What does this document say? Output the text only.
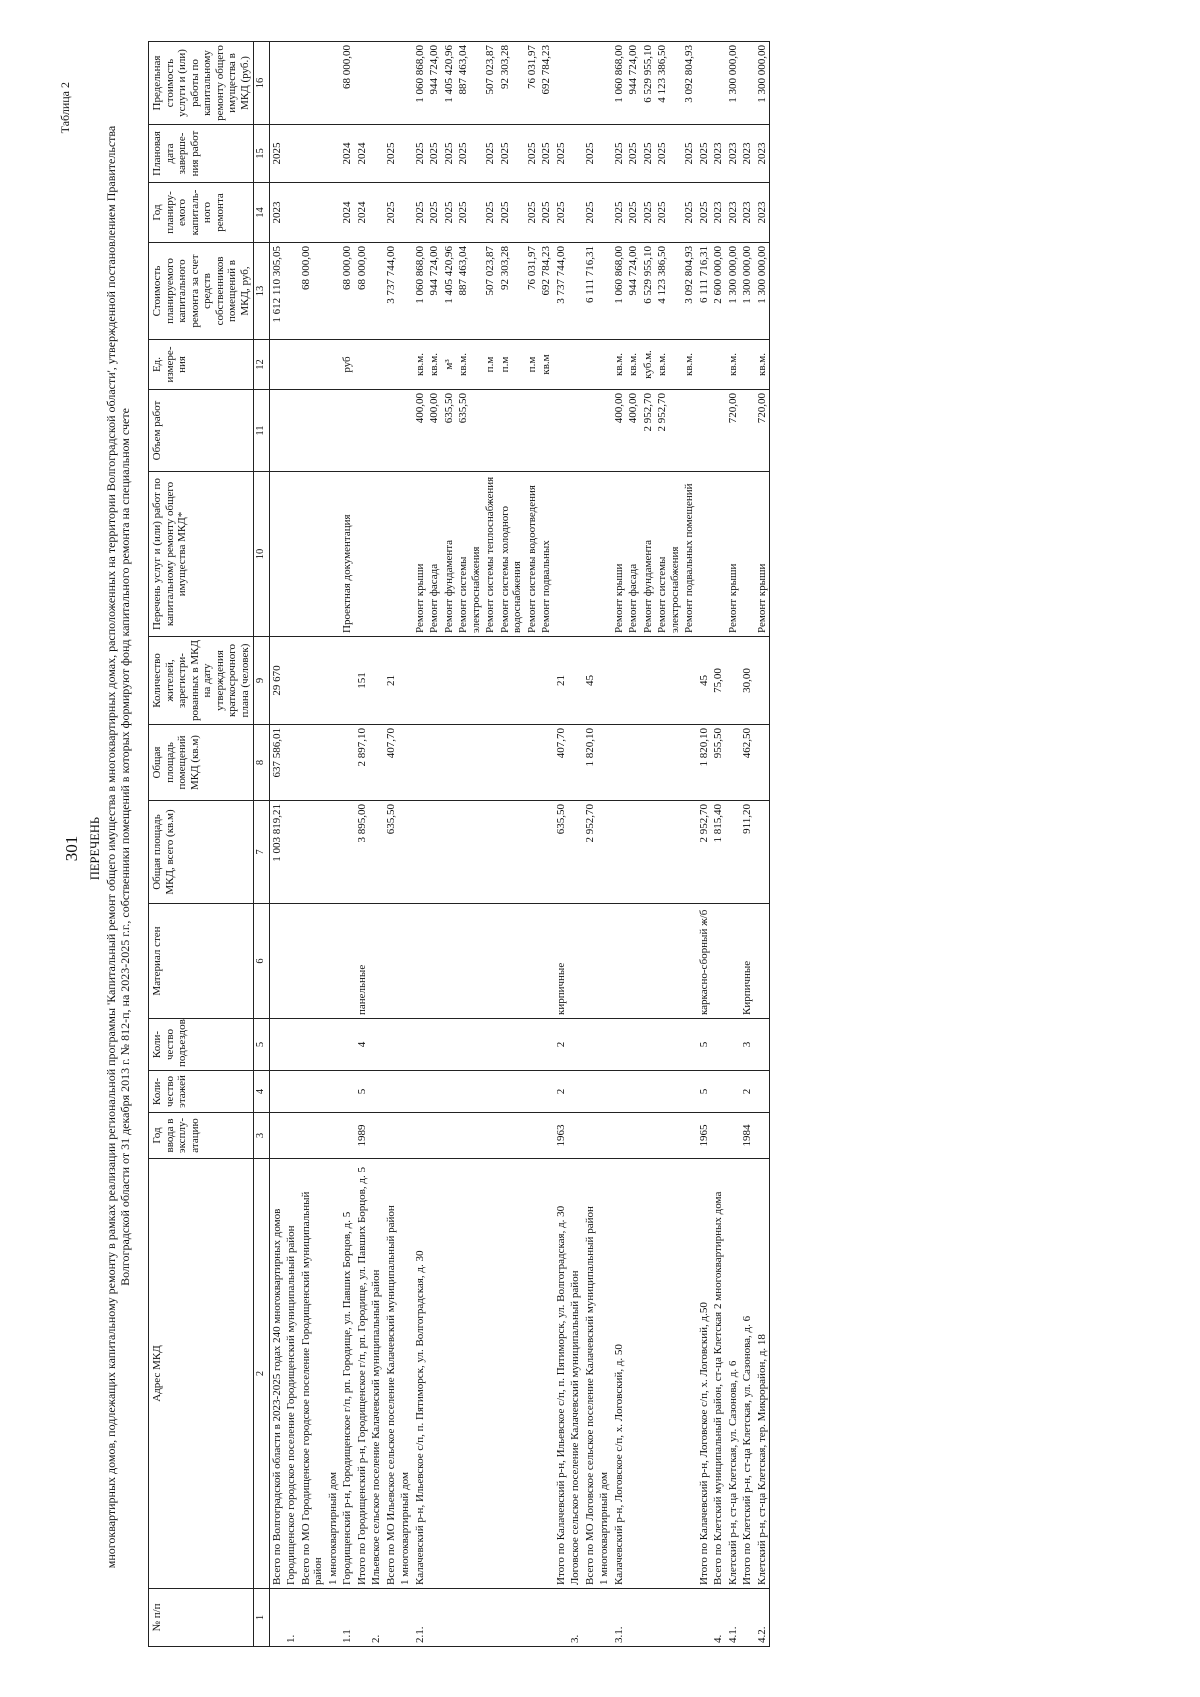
301
Таблица 2
ПЕРЕЧЕНЬ многоквартирных домов, подлежащих капитальному ремонту в рамках реализации региональной программы 'Капитальный ремонт общего имущества в многоквартирных домах, расположенных на территории Волгоградской области', утвержденной постановлением Правительства Волгоградской области от 31 декабря 2013 г. № 812-п, на 2023-2025 г.г., собственники помещений в которых формируют фонд капитального ремонта на специальном счете
№ п/п	Адрес МКД	Год ввода в эксплу-атацию	Коли-чество этажей	Коли-чество подъездов	Материал стен	Общая площадь МКД, всего (кв.м)	Общая площадь помещений МКД (кв.м)	Количество жителей, зарегистри-рованных в МКД на дату утверждения краткосрочного плана (человек)	Перечень услуг и (или) работ по капитальному ремонту общего имущества МКД*	Объем работ	Ед. измере-ния	Стоимость планируемого капитального ремонта за счет средств собственников помещений в МКД, руб,	Год планиру-емого капиталь-ного ремонта	Плановая дата заверше-ния работ	Предельная стоимость услуги и (или) работы по капитальному ремонту общего имущества в МКД (руб.)
1	2	3	4	5	6	7	8	9	10	11	12	13	14	15	16
	Всего по Волгоградской области в 2023-2025 годах 240 многоквартирных домов					1 003 819,21	637 586,01	29 670				1 612 110 305,05	2023	2025	
1.	Городищенское городское поселение Городищенский муниципальный район														
	Всего по МО Городищенское городское поселение Городищенский муниципальный район											68 000,00			
	1 многоквартирный дом														
1.1	Городищенский р-н, Городищенское г/п, рп. Городище, ул. Павших Борцов, д. 5								Проектная документация		руб	68 000,00	2024	2024	68 000,00
	Итого по Городищенский р-н, Городищенское г/п, рп. Городище, ул. Павших Борцов, д. 5	1989	5	4	панельные	3 895,00	2 897,10	151				68 000,00	2024	2024	
2.	Ильевское сельское поселение Калачевский муниципальный район														
	Всего по МО Ильевское сельское поселение Калачевский муниципальный район					635,50	407,70	21				3 737 744,00	2025	2025	
	1 многоквартирный дом														
2.1.	Калачевский р-н, Ильевское с/п, п. Пятиморск, ул. Волгоградская, д. 30								Ремонт крыши	400,00	кв.м.	1 060 868,00	2025	2025	1 060 868,00
									Ремонт фасада	400,00	кв.м.	944 724,00	2025	2025	944 724,00
									Ремонт фундамента	635,50	м³	1 405 420,96	2025	2025	1 405 420,96
									Ремонт системы электроснабжения	635,50	кв.м.	887 463,04	2025	2025	887 463,04
									Ремонт системы теплоснабжения		п.м	507 023,87	2025	2025	507 023,87
									Ремонт системы холодного водоснабжения		п.м	92 303,28	2025	2025	92 303,28
									Ремонт системы водоотведения		п.м	76 031,97	2025	2025	76 031,97
									Ремонт подвальных		кв.м	692 784,23	2025	2025	692 784,23
	Итого по Калачевский р-н, Ильевское с/п, п. Пятиморск, ул. Волгоградская, д. 30	1963	2	2	кирпичные	635,50	407,70	21				3 737 744,00	2025	2025	
3.	Логовское сельское поселение Калачевский муниципальный район														
	Всего по МО Логовское сельское поселение Калачевский муниципальный район					2 952,70	1 820,10	45				6 111 716,31	2025	2025	
	1 многоквартирный дом														
3.1.	Калачевский р-н, Логовское с/п, х. Логовский, д. 50								Ремонт крыши	400,00	кв.м.	1 060 868,00	2025	2025	1 060 868,00
									Ремонт фасада	400,00	кв.м.	944 724,00	2025	2025	944 724,00
									Ремонт фундамента	2 952,70	куб.м.	6 529 955,10	2025	2025	6 529 955,10
									Ремонт системы электроснабжения	2 952,70	кв.м.	4 123 386,50	2025	2025	4 123 386,50
									Ремонт подвальных помещений		кв.м.	3 092 804,93	2025	2025	3 092 804,93
	Итого по Калачевский р-н, Логовское с/п, х. Логовский, д.50	1965	5	5	каркасно-сборный ж/б	2 952,70	1 820,10	45				6 111 716,31	2025	2025	
4.	Всего по Клетский муниципальный район, ст-ца Клетская 2 многоквартирных дома					1 815,40	955,50	75,00				2 600 000,00	2023	2023	
4.1.	Клетский р-н, ст-ца Клетская, ул. Сазонова, д. 6								Ремонт крыши	720,00	кв.м.	1 300 000,00	2023	2023	1 300 000,00
	Итого по Клетский р-н, ст-ца Клетская, ул. Сазонова, д. 6	1984	2	3	Кирпичные	911,20	462,50	30,00				1 300 000,00	2023	2023	
4.2.	Клетский р-н, ст-ца Клетская, тер. Микрорайон, д. 18								Ремонт крыши	720,00	кв.м.	1 300 000,00	2023	2023	1 300 000,00
